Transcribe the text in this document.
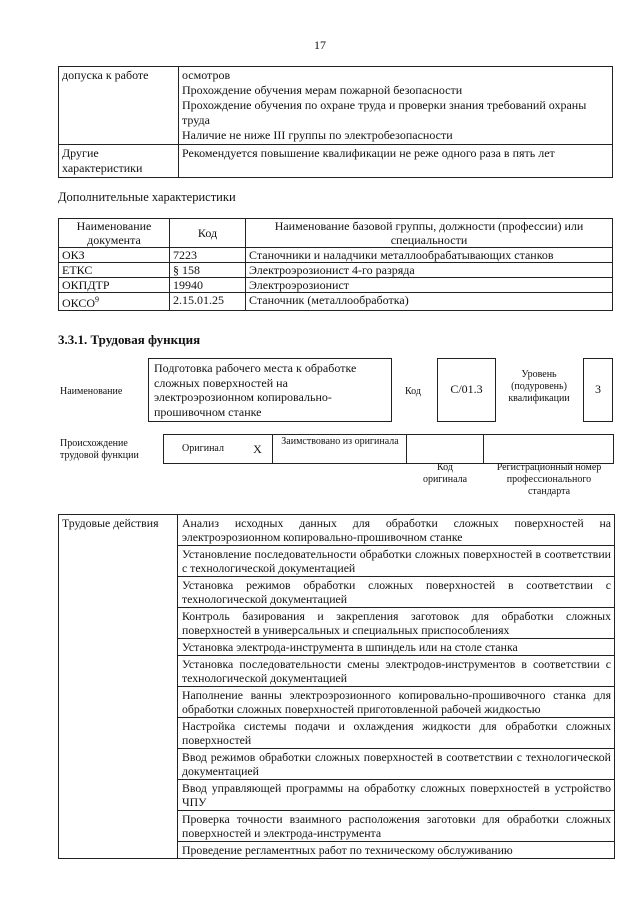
17
допуска к работе	осмотров
Прохождение обучения мерам пожарной безопасности
Прохождение обучения по охране труда и проверки знания требований охраны труда
Наличие не ниже III группы по электробезопасности

Другие характеристики	Рекомендуется повышение квалификации не реже одного раза в пять лет
Дополнительные характеристики
Наименование документа	Код	Наименование базовой группы, должности (профессии) или специальности
ОКЗ	7223	Станочники и наладчики металлообрабатывающих станков
ЕТКС	§ 158	Электроэрозионист 4-го разряда
ОКПДТР	19940	Электроэрозионист
ОКСО$^9$	2.15.01.25	Станочник (металлообработка)
3.3.1. Трудовая функция
Наименование
Подготовка рабочего места к обработке сложных поверхностей на электроэрозионном копировально-прошивочном станке
Код	C/01.3
Уровень (подуровень) квалификации
3
Происхождение трудовой функции
Оригинал	X
Заимствовано из оригинала
Код оригинала
Регистрационный номер профессионального стандарта
Трудовые действия	Анализ исходных данных для обработки сложных поверхностей на электроэрозионном копировально-прошивочном станке
Установление последовательности обработки сложных поверхностей в соответствии с технологической документацией
Установка режимов обработки сложных поверхностей в соответствии с технологической документацией
Контроль базирования и закрепления заготовок для обработки сложных поверхностей в универсальных и специальных приспособлениях
Установка электрода-инструмента в шпиндель или на столе станка
Установка последовательности смены электродов-инструментов в соответствии с технологической документацией
Наполнение ванны электроэрозионного копировально-прошивочного станка для обработки сложных поверхностей приготовленной рабочей жидкостью
Настройка системы подачи и охлаждения жидкости для обработки сложных поверхностей
Ввод режимов обработки сложных поверхностей в соответствии с технологической документацией
Ввод управляющей программы на обработку сложных поверхностей в устройство ЧПУ
Проверка точности взаимного расположения заготовки для обработки сложных поверхностей и электрода-инструмента
Проведение регламентных работ по техническому обслуживанию
